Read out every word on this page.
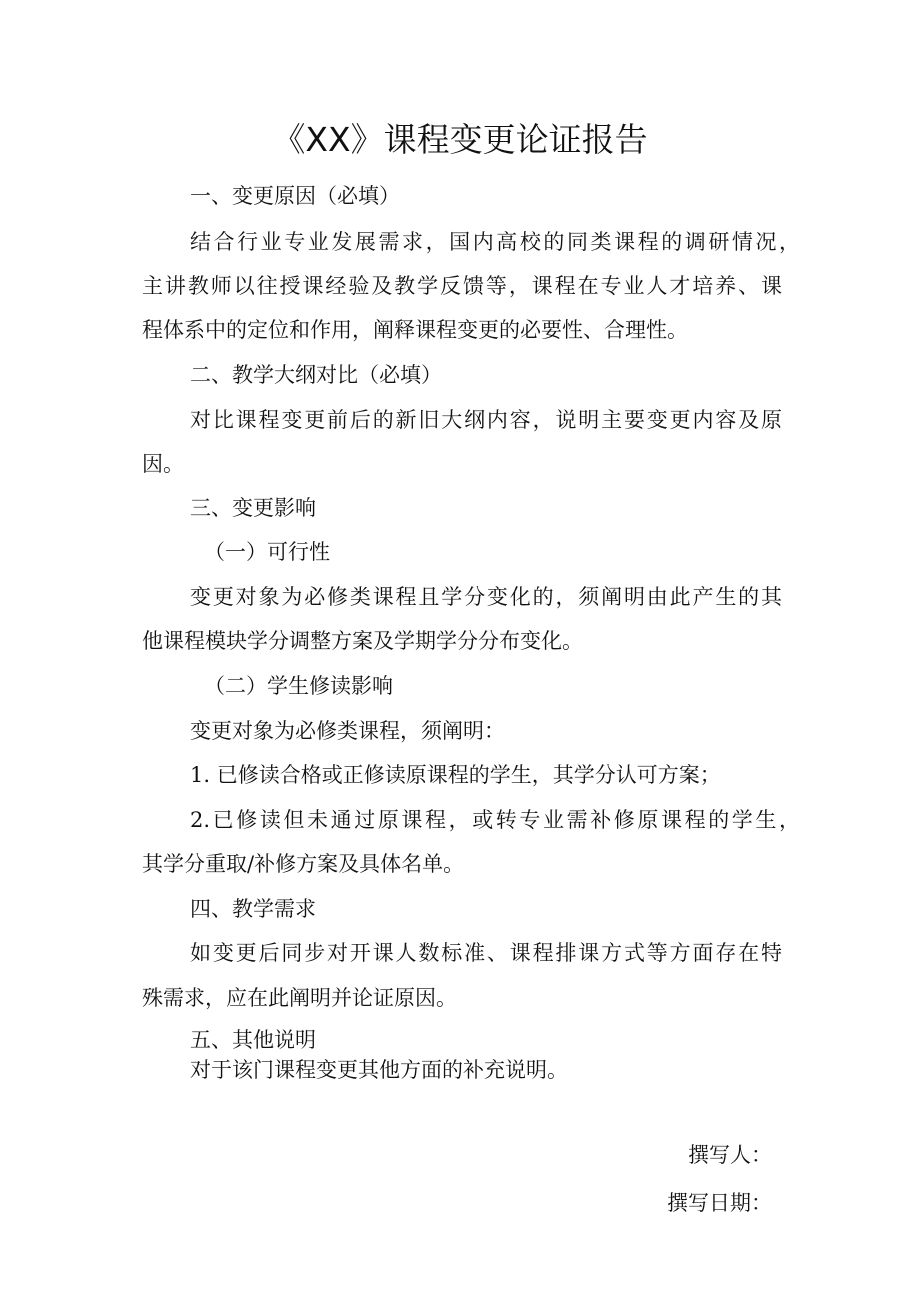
《XX》课程变更论证报告
一、变更原因（必填）
结合行业专业发展需求，国内高校的同类课程的调研情况，
主讲教师以往授课经验及教学反馈等，课程在专业人才培养、课
程体系中的定位和作用，阐释课程变更的必要性、合理性。
二、教学大纲对比（必填）
对比课程变更前后的新旧大纲内容，说明主要变更内容及原
因。
三、变更影响
（一）可行性
变更对象为必修类课程且学分变化的，须阐明由此产生的其
他课程模块学分调整方案及学期学分分布变化。
（二）学生修读影响
变更对象为必修类课程，须阐明：
1. 已修读合格或正修读原课程的学生，其学分认可方案；
2.已修读但未通过原课程，或转专业需补修原课程的学生，
其学分重取/补修方案及具体名单。
四、教学需求
如变更后同步对开课人数标准、课程排课方式等方面存在特
殊需求，应在此阐明并论证原因。
五、其他说明
对于该门课程变更其他方面的补充说明。
撰写人：
撰写日期：
